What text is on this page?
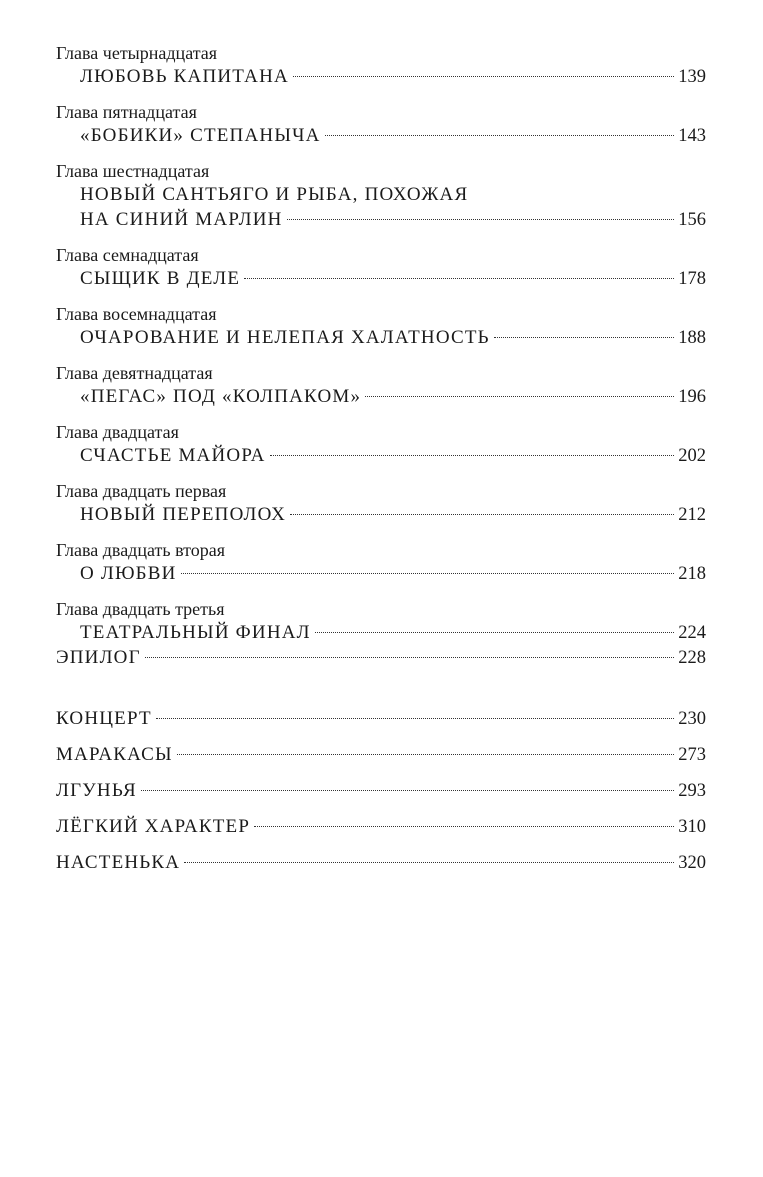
Глава четырнадцатая
ЛЮБОВЬ КАПИТАНА	139
Глава пятнадцатая
«БОБИКИ» СТЕПАНЫЧА	143
Глава шестнадцатая
НОВЫЙ САНТЬЯГО И РЫБА, ПОХОЖАЯ
НА СИНИЙ МАРЛИН	156
Глава семнадцатая
СЫЩИК В ДЕЛЕ	178
Глава восемнадцатая
ОЧАРОВАНИЕ И НЕЛЕПАЯ ХАЛАТНОСТЬ	188
Глава девятнадцатая
«ПЕГАС» ПОД «КОЛПАКОМ»	196
Глава двадцатая
СЧАСТЬЕ МАЙОРА	202
Глава двадцать первая
НОВЫЙ ПЕРЕПОЛОХ	212
Глава двадцать вторая
О ЛЮБВИ	218
Глава двадцать третья
ТЕАТРАЛЬНЫЙ ФИНАЛ	224
ЭПИЛОГ	228
КОНЦЕРТ	230
МАРАКАСЫ	273
ЛГУНЬЯ	293
ЛЁГКИЙ ХАРАКТЕР	310
НАСТЕНЬКА	320
